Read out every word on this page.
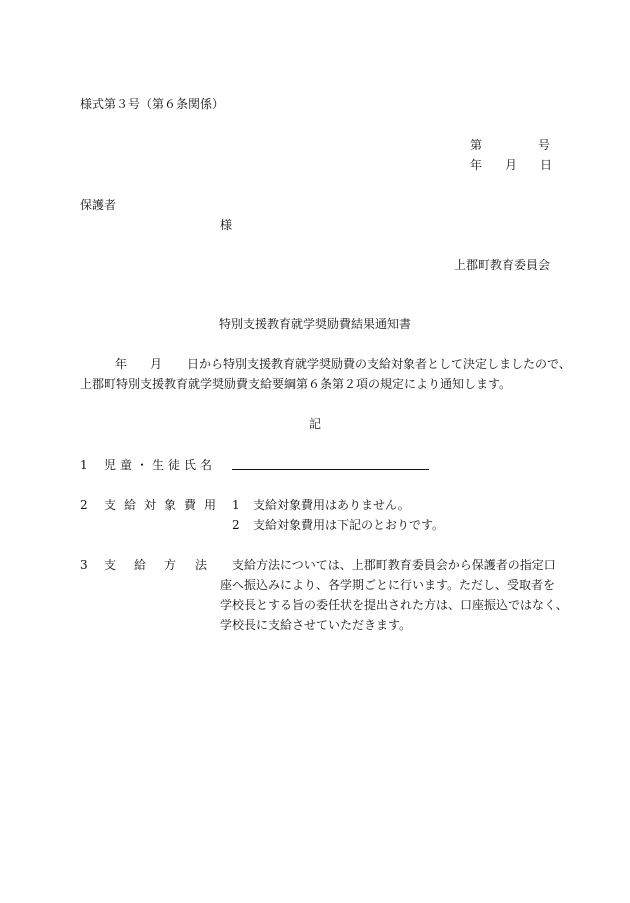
様式第３号（第６条関係）
第	号
年 月 日
保護者
様
上郡町教育委員会
特別支援教育就学奨励費結果通知書
年 月 日から特別支援教育就学奨励費の支給対象者として決定しましたので、
上郡町特別支援教育就学奨励費支給要綱第６条第２項の規定により通知します。
記
1 児童・生徒氏名
2 支給対象費用 1 支給対象費用はありません。
2 支給対象費用は下記のとおりです。
3 支 給 方 法 支給方法については、上郡町教育委員会から保護者の指定口
座へ振込みにより、各学期ごとに行います。ただし、受取者を
学校長とする旨の委任状を提出された方は、口座振込ではなく、
学校長に支給させていただきます。
